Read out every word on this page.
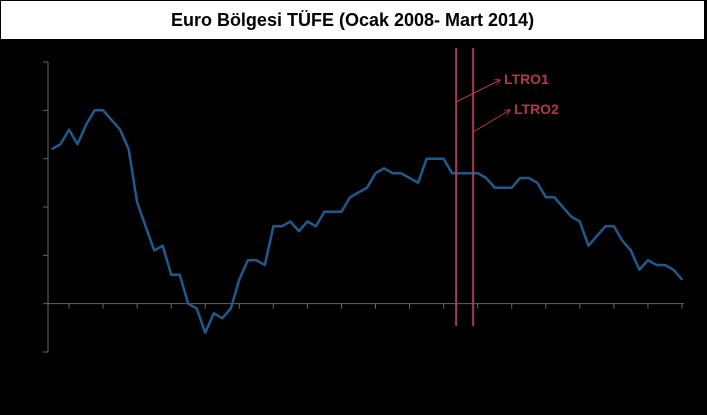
Euro Bölgesi TÜFE (Ocak 2008- Mart 2014)
LTRO1
LTRO2
